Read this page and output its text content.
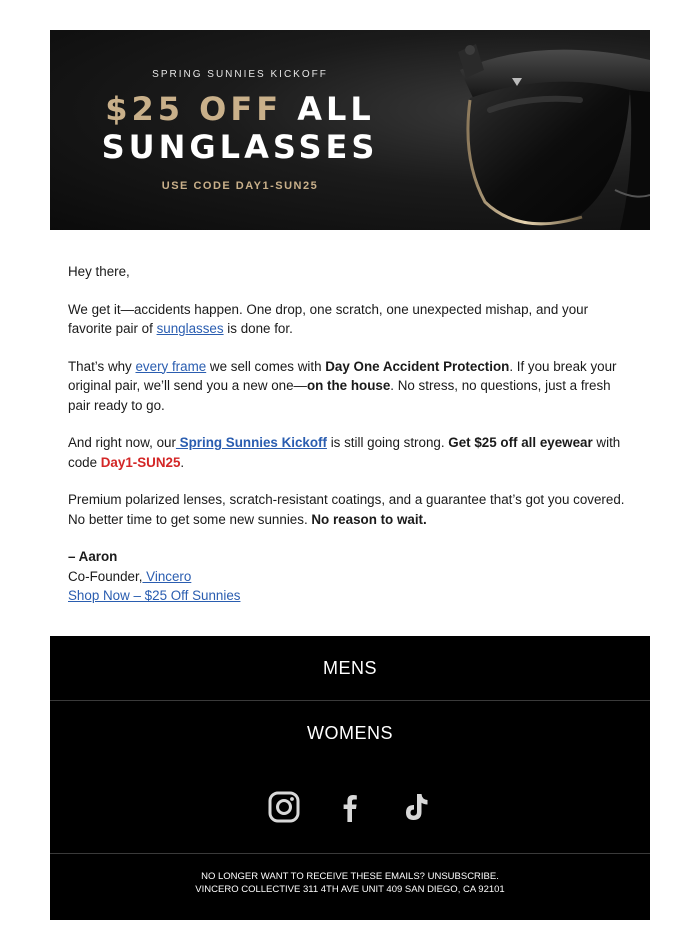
SPRING SUNNIES KICKOFF
$25 OFF ALL
SUNGLASSES
USE CODE DAY1-SUN25

Hey there,

We get it—accidents happen. One drop, one scratch, one unexpected mishap, and your favorite pair of sunglasses is done for.

That’s why every frame we sell comes with Day One Accident Protection. If you break your original pair, we’ll send you a new one—on the house. No stress, no questions, just a fresh pair ready to go.

And right now, our Spring Sunnies Kickoff is still going strong. Get $25 off all eyewear with code Day1-SUN25.

Premium polarized lenses, scratch-resistant coatings, and a guarantee that’s got you covered. No better time to get some new sunnies. No reason to wait.

– Aaron
Co-Founder, Vincero
Shop Now – $25 Off Sunnies
MENS
WOMENS
NO LONGER WANT TO RECEIVE THESE EMAILS? UNSUBSCRIBE.
VINCERO COLLECTIVE 311 4TH AVE UNIT 409 SAN DIEGO, CA 92101
